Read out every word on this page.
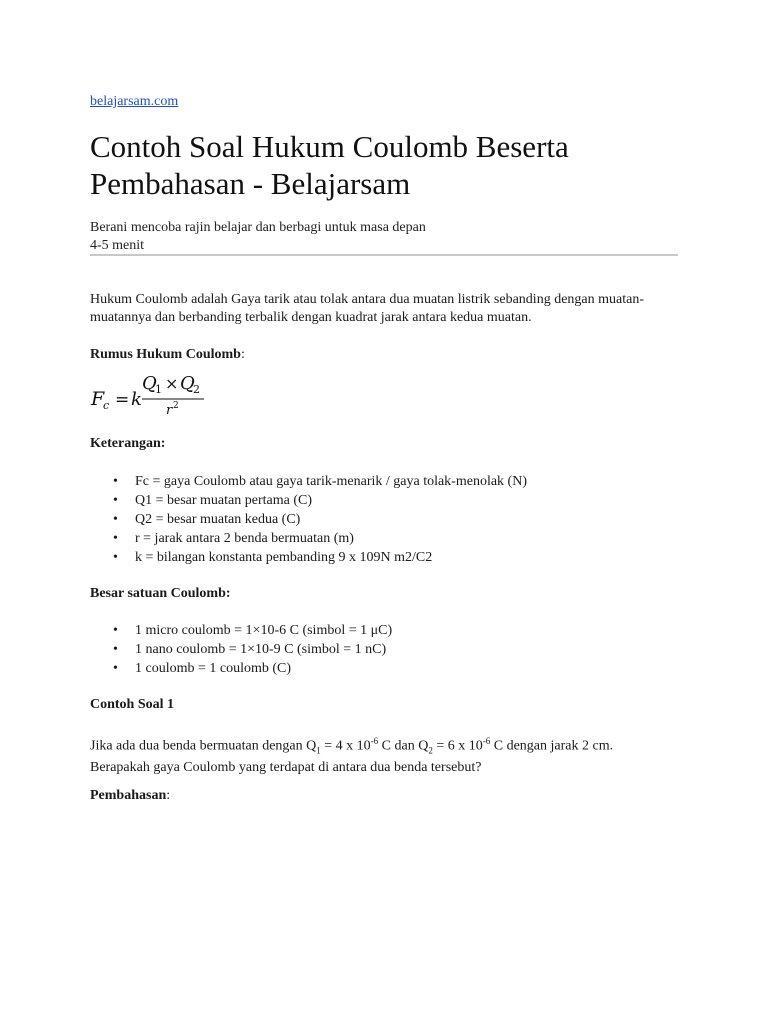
belajarsam.com
Contoh Soal Hukum Coulomb Beserta Pembahasan - Belajarsam
Berani mencoba rajin belajar dan berbagi untuk masa depan
4-5 menit

Hukum Coulomb adalah Gaya tarik atau tolak antara dua muatan listrik sebanding dengan muatan-muatannya dan berbanding terbalik dengan kuadrat jarak antara kedua muatan.

Rumus Hukum Coulomb:

F
c = k
Q
1 × Q
2
r 2

Keterangan:

• Fc = gaya Coulomb atau gaya tarik-menarik / gaya tolak-menolak (N)
• Q1 = besar muatan pertama (C)
• Q2 = besar muatan kedua (C)
• r = jarak antara 2 benda bermuatan (m)
• k = bilangan konstanta pembanding 9 x 109N m2/C2

Besar satuan Coulomb:

• 1 micro coulomb = 1×10-6 C (simbol = 1 μC)
• 1 nano coulomb = 1×10-9 C (simbol = 1 nC)
• 1 coulomb = 1 coulomb (C)

Contoh Soal 1

Jika ada dua benda bermuatan dengan $Q_1 = 4$ x $10^{-6}$ C dan $Q_2 = 6$ x $10^{-6}$ C dengan jarak 2 cm.
Berapakah gaya Coulomb yang terdapat di antara dua benda tersebut?

Pembahasan:
